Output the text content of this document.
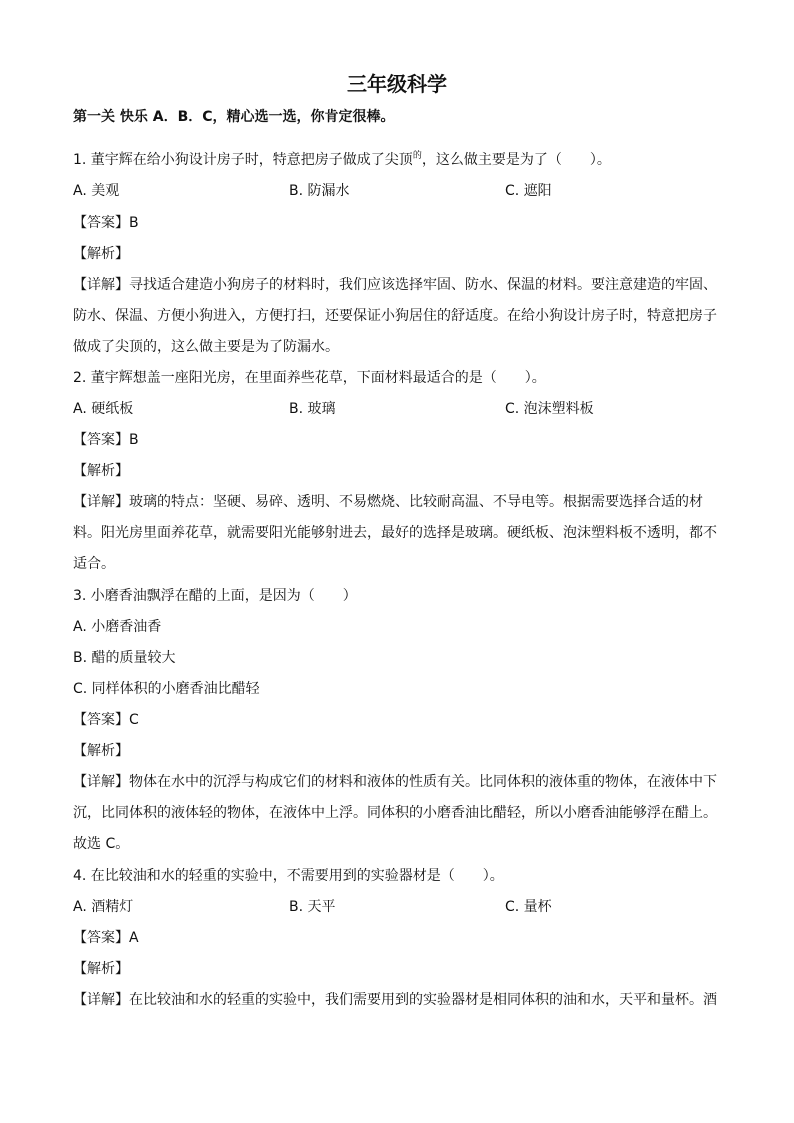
三年级科学
第一关 快乐 A．B．C，精心选一选，你肯定很棒。
1. 董宇辉在给小狗设计房子时，特意把房子做成了尖顶$^的$，这么做主要是为了（　　）。
A. 美观	B. 防漏水	C. 遮阳
【答案】B
【解析】
【详解】寻找适合建造小狗房子的材料时，我们应该选择牢固、防水、保温的材料。要注意建造的牢固、
防水、保温、方便小狗进入，方便打扫，还要保证小狗居住的舒适度。在给小狗设计房子时，特意把房子
做成了尖顶的，这么做主要是为了防漏水。
2. 董宇辉想盖一座阳光房，在里面养些花草，下面材料最适合的是（　　）。
A. 硬纸板	B. 玻璃	C. 泡沫塑料板
【答案】B
【解析】
【详解】玻璃的特点：坚硬、易碎、透明、不易燃烧、比较耐高温、不导电等。根据需要选择合适的材
料。阳光房里面养花草，就需要阳光能够射进去，最好的选择是玻璃。硬纸板、泡沫塑料板不透明，都不
适合。
3. 小磨香油飘浮在醋的上面，是因为（　　）
A. 小磨香油香
B. 醋的质量较大
C. 同样体积的小磨香油比醋轻
【答案】C
【解析】
【详解】物体在水中的沉浮与构成它们的材料和液体的性质有关。比同体积的液体重的物体，在液体中下
沉，比同体积的液体轻的物体，在液体中上浮。同体积的小磨香油比醋轻，所以小磨香油能够浮在醋上。
故选 C。
4. 在比较油和水的轻重的实验中，不需要用到的实验器材是（　　）。
A. 酒精灯	B. 天平	C. 量杯
【答案】A
【解析】
【详解】在比较油和水的轻重的实验中，我们需要用到的实验器材是相同体积的油和水，天平和量杯。酒
